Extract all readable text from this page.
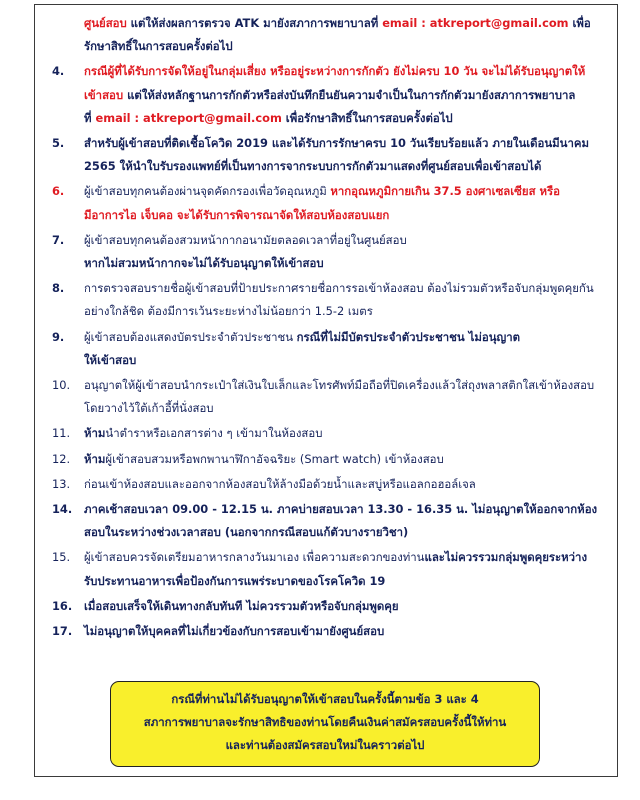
ศูนย์สอบ แต่ให้ส่งผลการตรวจ ATK มายังสภาการพยาบาลที่ email : atkreport@gmail.com เพื่อ
รักษาสิทธิ์ในการสอบครั้งต่อไป
4.	กรณีผู้ที่ได้รับการจัดให้อยู่ในกลุ่มเสี่ยง หรืออยู่ระหว่างการกักตัว ยังไม่ครบ 10 วัน จะไม่ได้รับอนุญาตให้
เข้าสอบ แต่ให้ส่งหลักฐานการกักตัวหรือส่งบันทึกยืนยันความจำเป็นในการกักตัวมายังสภาการพยาบาล
ที่ email : atkreport@gmail.com เพื่อรักษาสิทธิ์ในการสอบครั้งต่อไป
5.	สำหรับผู้เข้าสอบที่ติดเชื้อโควิด 2019 และได้รับการรักษาครบ 10 วันเรียบร้อยแล้ว ภายในเดือนมีนาคม
2565 ให้นำใบรับรองแพทย์ที่เป็นทางการจากระบบการกักตัวมาแสดงที่ศูนย์สอบเพื่อเข้าสอบได้
6.	ผู้เข้าสอบทุกคนต้องผ่านจุดคัดกรองเพื่อวัดอุณหภูมิ หากอุณหภูมิกายเกิน 37.5 องศาเซลเซียส หรือ
มีอาการไอ เจ็บคอ จะได้รับการพิจารณาจัดให้สอบห้องสอบแยก
7.	ผู้เข้าสอบทุกคนต้องสวมหน้ากากอนามัยตลอดเวลาที่อยู่ในศูนย์สอบ
หากไม่สวมหน้ากากจะไม่ได้รับอนุญาตให้เข้าสอบ
8.	การตรวจสอบรายชื่อผู้เข้าสอบที่ป้ายประกาศรายชื่อการรอเข้าห้องสอบ ต้องไม่รวมตัวหรือจับกลุ่มพูดคุยกัน
อย่างใกล้ชิด ต้องมีการเว้นระยะห่างไม่น้อยกว่า 1.5-2 เมตร
9.	ผู้เข้าสอบต้องแสดงบัตรประจำตัวประชาชน กรณีที่ไม่มีบัตรประจำตัวประชาชน ไม่อนุญาต
ให้เข้าสอบ
10.	อนุญาตให้ผู้เข้าสอบนำกระเป๋าใส่เงินใบเล็กและโทรศัพท์มือถือที่ปิดเครื่องแล้วใส่ถุงพลาสติกใสเข้าห้องสอบ
โดยวางไว้ใต้เก้าอี้ที่นั่งสอบ
11.	ห้ามนำตำราหรือเอกสารต่าง ๆ เข้ามาในห้องสอบ
12.	ห้ามผู้เข้าสอบสวมหรือพกพานาฬิกาอัจฉริยะ (Smart watch) เข้าห้องสอบ
13.	ก่อนเข้าห้องสอบและออกจากห้องสอบให้ล้างมือด้วยน้ำและสบู่หรือแอลกอฮอล์เจล
14.	ภาคเช้าสอบเวลา 09.00 - 12.15 น. ภาคบ่ายสอบเวลา 13.30 - 16.35 น. ไม่อนุญาตให้ออกจากห้อง
สอบในระหว่างช่วงเวลาสอบ (นอกจากกรณีสอบแก้ตัวบางรายวิชา)
15.	ผู้เข้าสอบควรจัดเตรียมอาหารกลางวันมาเอง เพื่อความสะดวกของท่านและไม่ควรรวมกลุ่มพูดคุยระหว่าง
รับประทานอาหารเพื่อป้องกันการแพร่ระบาดของโรคโควิด 19
16.	เมื่อสอบเสร็จให้เดินทางกลับทันที ไม่ควรรวมตัวหรือจับกลุ่มพูดคุย
17.	ไม่อนุญาตให้บุคคลที่ไม่เกี่ยวข้องกับการสอบเข้ามายังศูนย์สอบ
กรณีที่ท่านไม่ได้รับอนุญาตให้เข้าสอบในครั้งนี้ตามข้อ 3 และ 4
สภาการพยาบาลจะรักษาสิทธิของท่านโดยคืนเงินค่าสมัครสอบครั้งนี้ให้ท่าน
และท่านต้องสมัครสอบใหม่ในคราวต่อไป
